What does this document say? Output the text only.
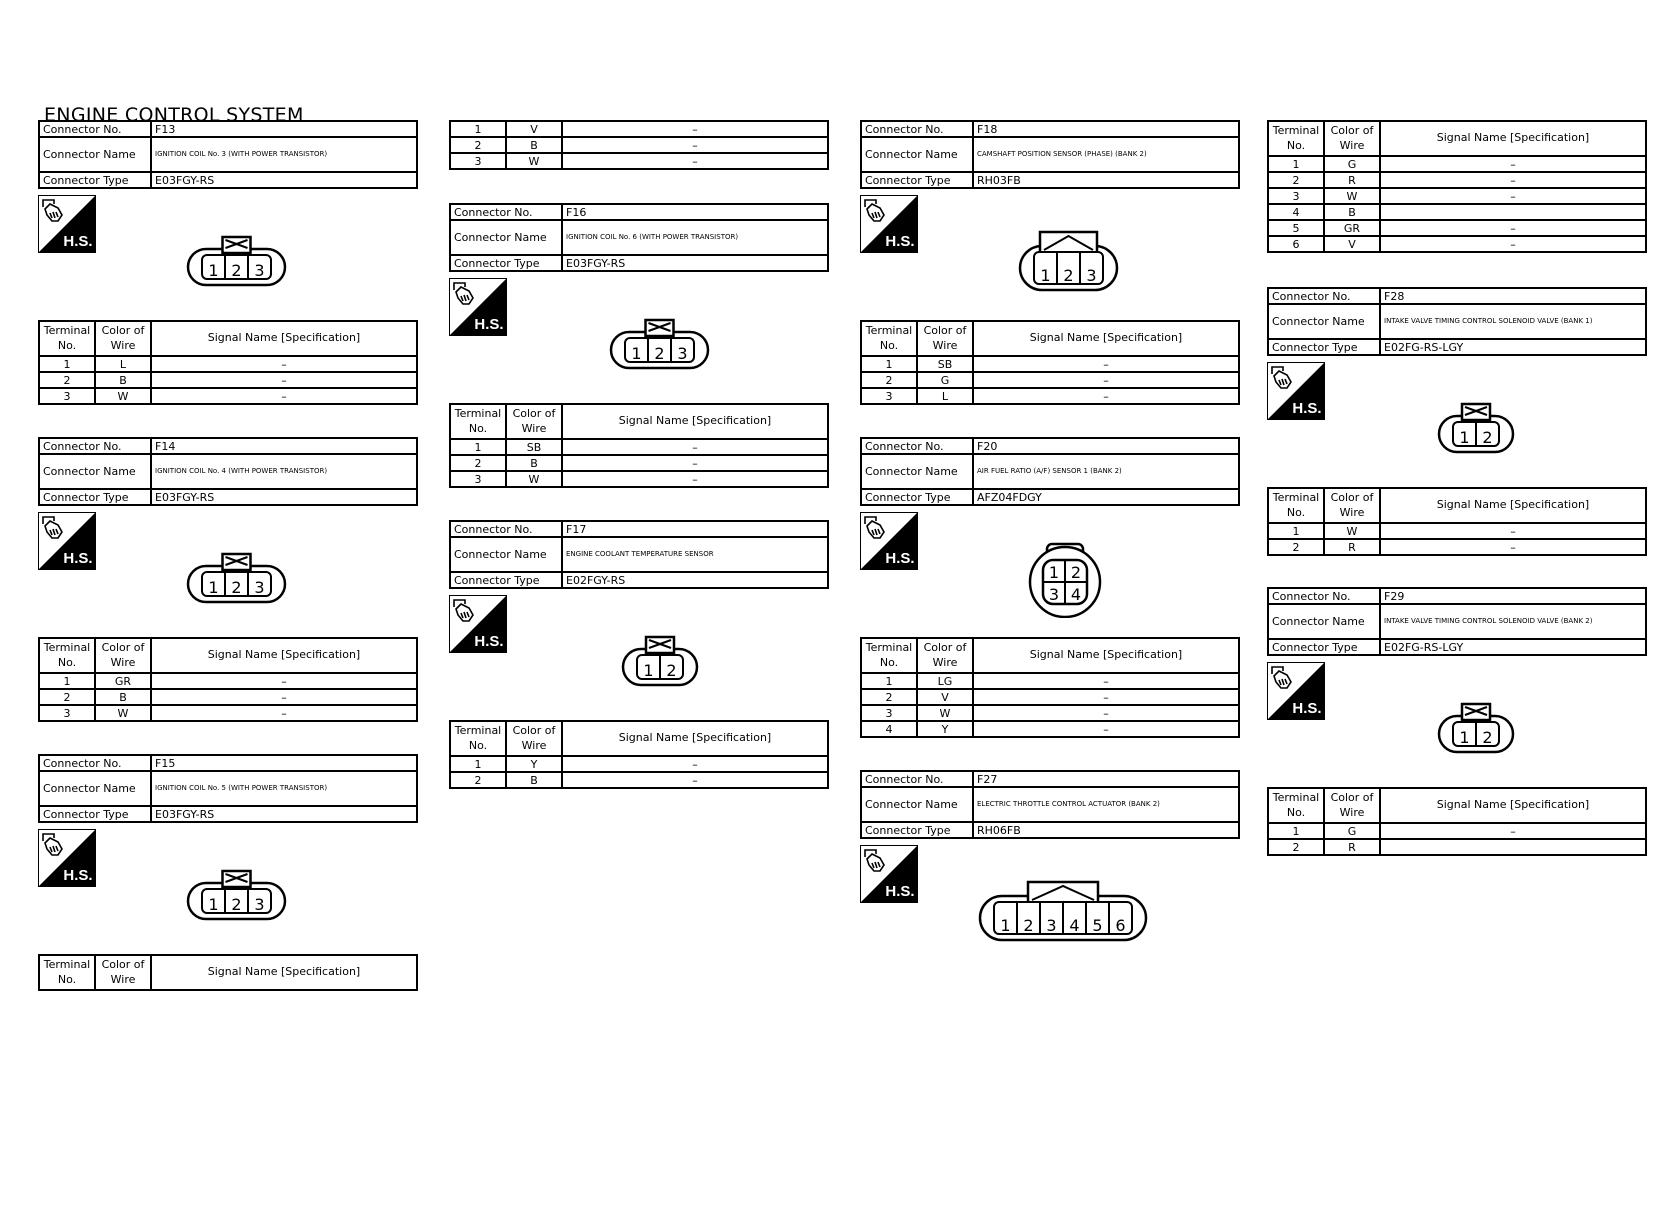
ENGINE CONTROL SYSTEM
Connector No.	F13
Connector Name	IGNITION COIL No. 3 (WITH POWER TRANSISTOR)
Connector Type	E03FGY-RS
H.S.
1 2 3
Terminal No.	Color of Wire	Signal Name [Specification]
1	L	–
2	B	–
3	W	–
Connector No.	F14
Connector Name	IGNITION COIL No. 4 (WITH POWER TRANSISTOR)
Connector Type	E03FGY-RS
H.S.
1 2 3
Terminal No.	Color of Wire	Signal Name [Specification]
1	GR	–
2	B	–
3	W	–
Connector No.	F15
Connector Name	IGNITION COIL No. 5 (WITH POWER TRANSISTOR)
Connector Type	E03FGY-RS
H.S.
1 2 3
Terminal No.	Color of Wire	Signal Name [Specification]
1	V	–
2	B	–
3	W	–
Connector No.	F16
Connector Name	IGNITION COIL No. 6 (WITH POWER TRANSISTOR)
Connector Type	E03FGY-RS
H.S.
1 2 3
Terminal No.	Color of Wire	Signal Name [Specification]
1	SB	–
2	B	–
3	W	–
Connector No.	F17
Connector Name	ENGINE COOLANT TEMPERATURE SENSOR
Connector Type	E02FGY-RS
H.S.
1 2
Terminal No.	Color of Wire	Signal Name [Specification]
1	Y	–
2	B	–
Connector No.	F18
Connector Name	CAMSHAFT POSITION SENSOR (PHASE) (BANK 2)
Connector Type	RH03FB
H.S.
1 2 3
Terminal No.	Color of Wire	Signal Name [Specification]
1	SB	–
2	G	–
3	L	–
Connector No.	F20
Connector Name	AIR FUEL RATIO (A/F) SENSOR 1 (BANK 2)
Connector Type	AFZ04FDGY
H.S.
1 2
3 4
Terminal No.	Color of Wire	Signal Name [Specification]
1	LG	–
2	V	–
3	W	–
4	Y	–
Connector No.	F27
Connector Name	ELECTRIC THROTTLE CONTROL ACTUATOR (BANK 2)
Connector Type	RH06FB
H.S.
1 2 3 4 5 6
Terminal No.	Color of Wire	Signal Name [Specification]
1	G	–
2	R	–
3	W	–
4	B	
5	GR	–
6	V	–
Connector No.	F28
Connector Name	INTAKE VALVE TIMING CONTROL SOLENOID VALVE (BANK 1)
Connector Type	E02FG-RS-LGY
H.S.
1 2
Terminal No.	Color of Wire	Signal Name [Specification]
1	W	–
2	R	–
Connector No.	F29
Connector Name	INTAKE VALVE TIMING CONTROL SOLENOID VALVE (BANK 2)
Connector Type	E02FG-RS-LGY
H.S.
1 2
Terminal No.	Color of Wire	Signal Name [Specification]
1	G	–
2	R	
